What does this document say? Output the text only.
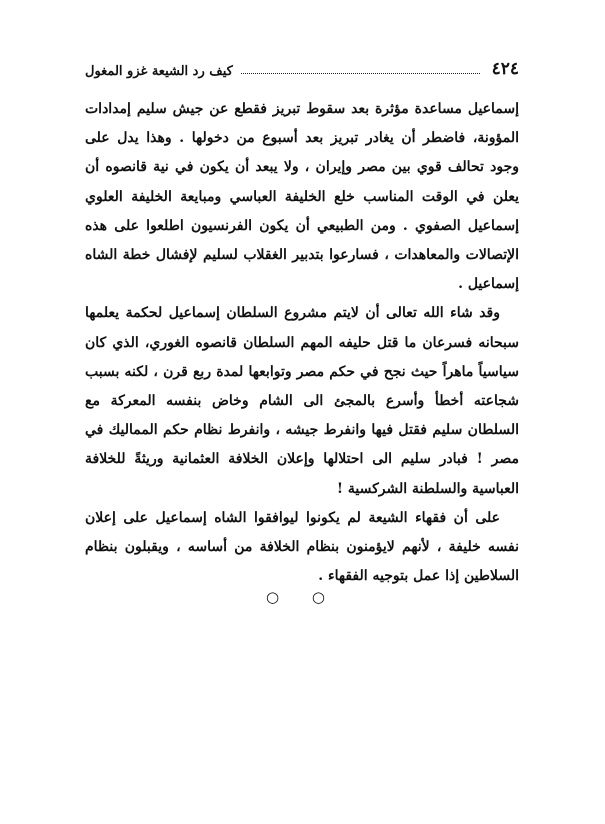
٤٢٤
كيف رد الشيعة غزو المغول

إسماعيل مساعدة مؤثرة بعد سقوط تبريز فقطع عن جيش سليم إمدادات المؤونة، فاضطر أن يغادر تبريز بعد أسبوع من دخولها . وهذا يدل على وجود تحالف قوي بين مصر وإيران ، ولا يبعد أن يكون في نية قانصوه أن يعلن في الوقت المناسب خلع الخليفة العباسي ومبايعة الخليفة العلوي إسماعيل الصفوي . ومن الطبيعي أن يكون الفرنسيون اطلعوا على هذه الإتصالات والمعاهدات ، فسارعوا بتدبير الغقلاب لسليم لإفشال خطة الشاه إسماعيل .

وقد شاء الله تعالى أن لايتم مشروع السلطان إسماعيل لحكمة يعلمها سبحانه فسرعان ما قتل حليفه المهم السلطان قانصوه الغوري، الذي كان سياسياً ماهراً حيث نجح في حكم مصر وتوابعها لمدة ربع قرن ، لكنه بسبب شجاعته أخطأ وأسرع بالمجئ الى الشام وخاض بنفسه المعركة مع السلطان سليم فقتل فيها وانفرط جيشه ، وانفرط نظام حكم المماليك في مصر ! فبادر سليم الى احتلالها وإعلان الخلافة العثمانية وريثةً للخلافة العباسية والسلطنة الشركسية !

على أن فقهاء الشيعة لم يكونوا ليوافقوا الشاه إسماعيل على إعلان نفسه خليفة ، لأنهم لايؤمنون بنظام الخلافة من أساسه ، ويقبلون بنظام السلاطين إذا عمل بتوجيه الفقهاء .

○ ○
